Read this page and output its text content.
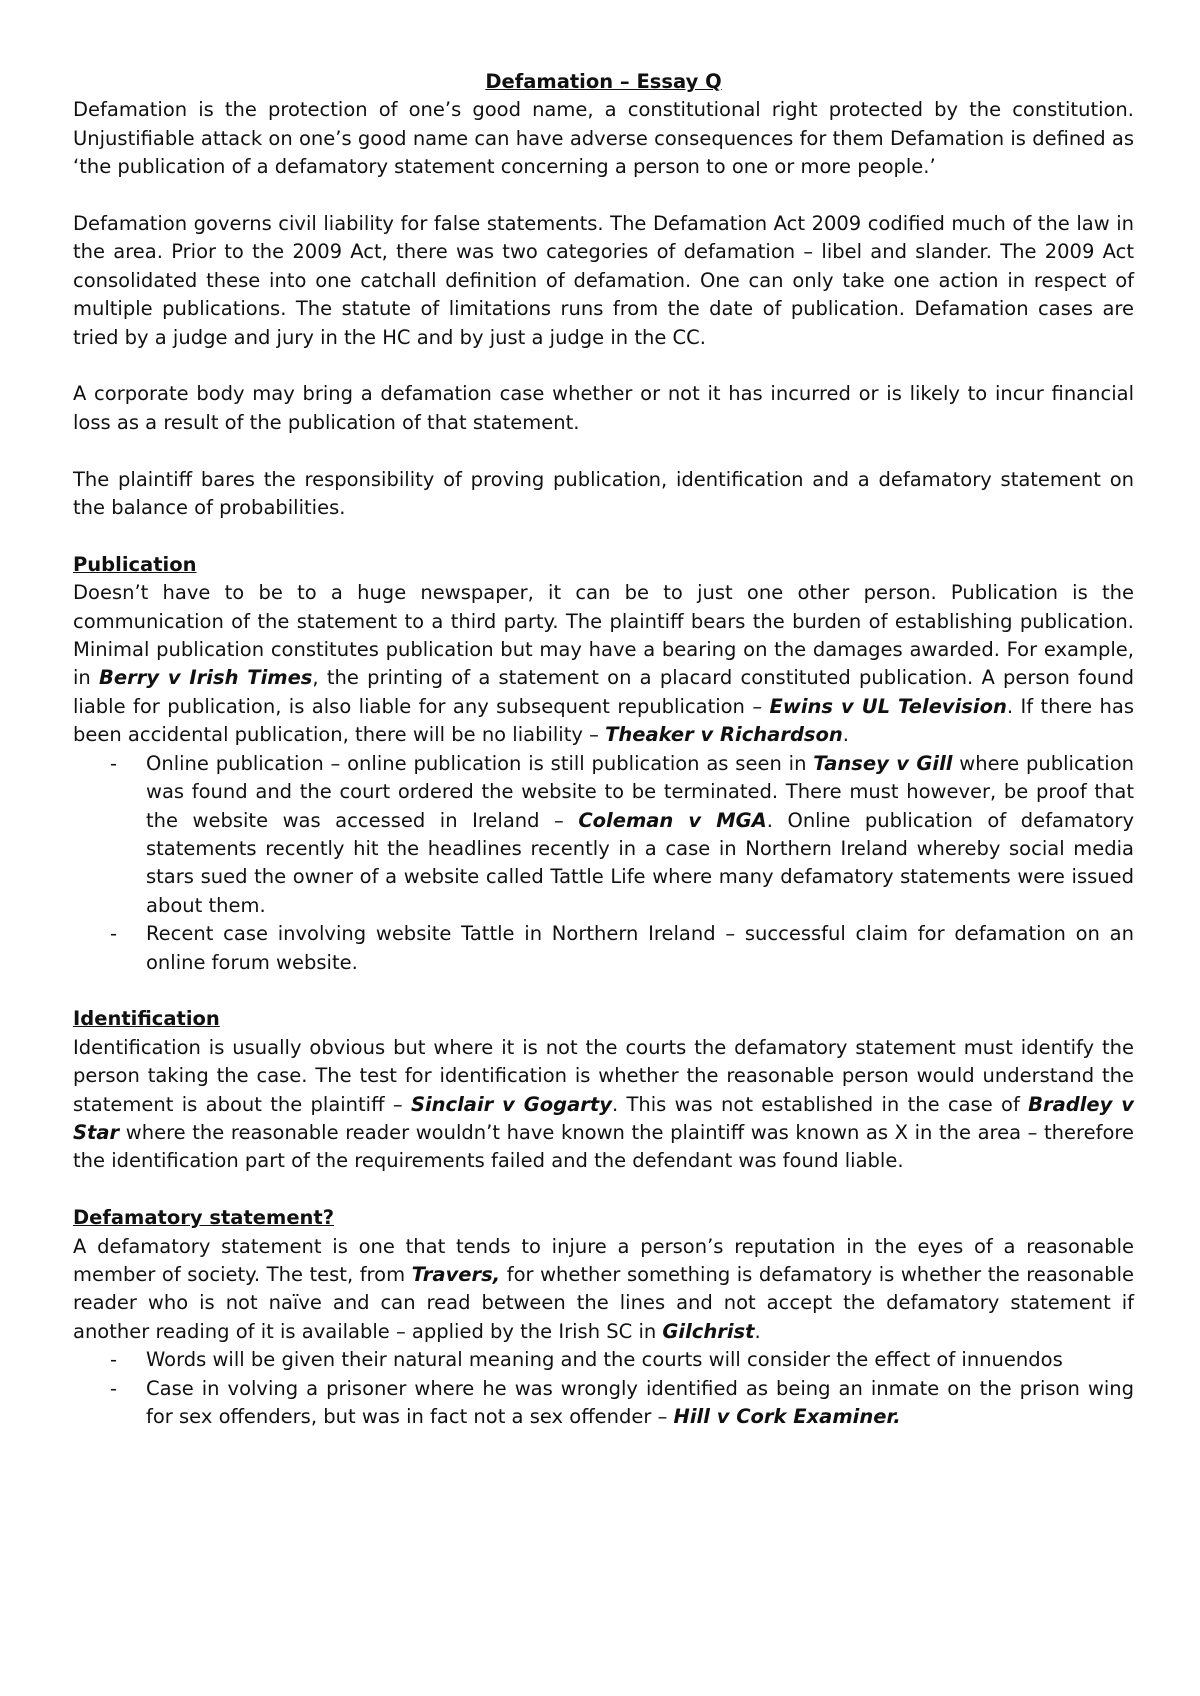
Defamation – Essay Q

Defamation is the protection of one’s good name, a constitutional right protected by the constitution. Unjustifiable attack on one’s good name can have adverse consequences for them Defamation is defined as ‘the publication of a defamatory statement concerning a person to one or more people.’

Defamation governs civil liability for false statements. The Defamation Act 2009 codified much of the law in the area. Prior to the 2009 Act, there was two categories of defamation – libel and slander. The 2009 Act consolidated these into one catchall definition of defamation. One can only take one action in respect of multiple publications. The statute of limitations runs from the date of publication. Defamation cases are tried by a judge and jury in the HC and by just a judge in the CC.

A corporate body may bring a defamation case whether or not it has incurred or is likely to incur financial loss as a result of the publication of that statement.

The plaintiff bares the responsibility of proving publication, identification and a defamatory statement on the balance of probabilities.

Publication

Doesn’t have to be to a huge newspaper, it can be to just one other person. Publication is the communication of the statement to a third party. The plaintiff bears the burden of establishing publication. Minimal publication constitutes publication but may have a bearing on the damages awarded. For example, in Berry v Irish Times, the printing of a statement on a placard constituted publication. A person found liable for publication, is also liable for any subsequent republication – Ewins v UL Television. If there has been accidental publication, there will be no liability – Theaker v Richardson.

- Online publication – online publication is still publication as seen in Tansey v Gill where publication was found and the court ordered the website to be terminated. There must however, be proof that the website was accessed in Ireland – Coleman v MGA. Online publication of defamatory statements recently hit the headlines recently in a case in Northern Ireland whereby social media stars sued the owner of a website called Tattle Life where many defamatory statements were issued about them.
- Recent case involving website Tattle in Northern Ireland – successful claim for defamation on an online forum website.

Identification

Identification is usually obvious but where it is not the courts the defamatory statement must identify the person taking the case. The test for identification is whether the reasonable person would understand the statement is about the plaintiff – Sinclair v Gogarty. This was not established in the case of Bradley v Star where the reasonable reader wouldn’t have known the plaintiff was known as X in the area – therefore the identification part of the requirements failed and the defendant was found liable.

Defamatory statement?

A defamatory statement is one that tends to injure a person’s reputation in the eyes of a reasonable member of society. The test, from Travers, for whether something is defamatory is whether the reasonable reader who is not naïve and can read between the lines and not accept the defamatory statement if another reading of it is available – applied by the Irish SC in Gilchrist.

- Words will be given their natural meaning and the courts will consider the effect of innuendos
- Case in volving a prisoner where he was wrongly identified as being an inmate on the prison wing for sex offenders, but was in fact not a sex offender – Hill v Cork Examiner.
